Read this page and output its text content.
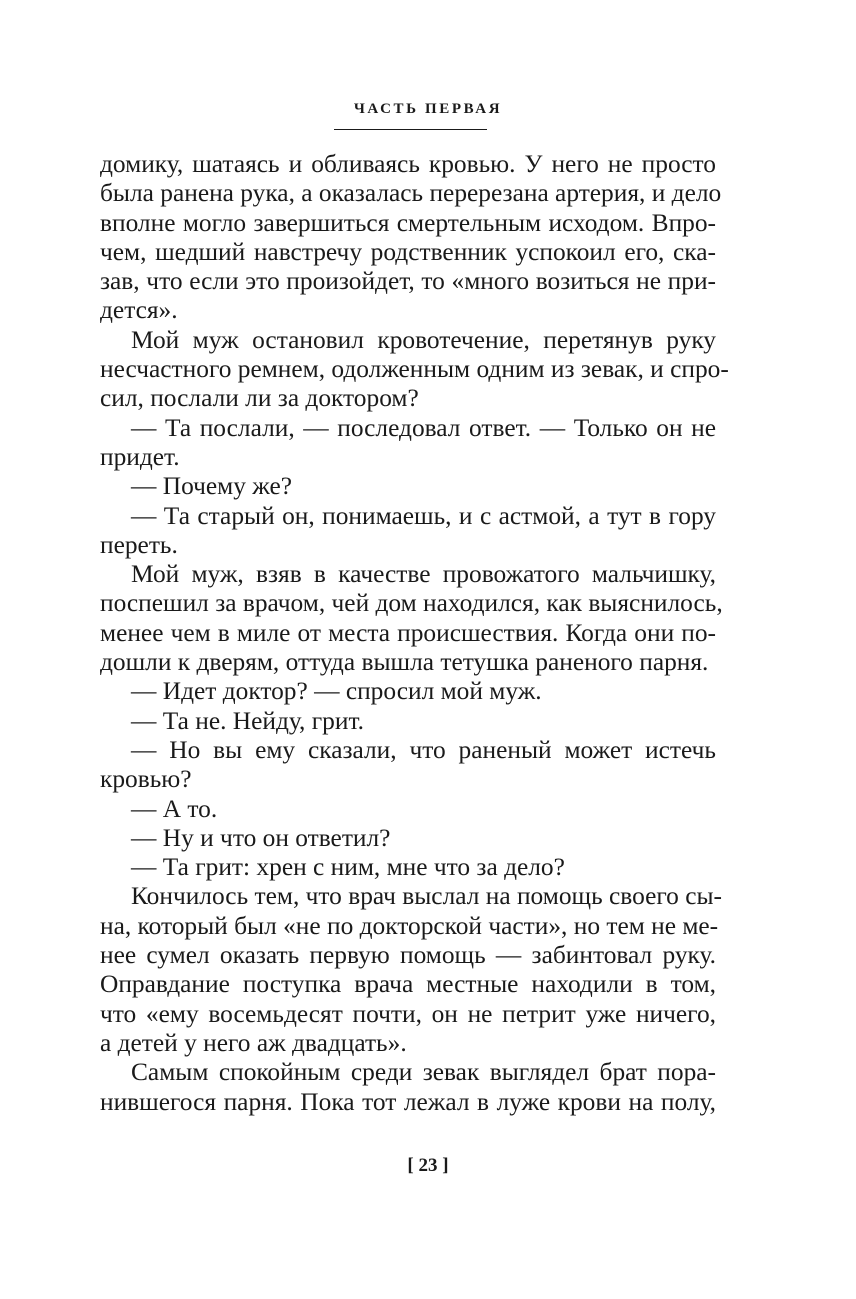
ЧАСТЬ ПЕРВАЯ
домику, шатаясь и обливаясь кровью. У него не просто
была ранена рука, а оказалась перерезана артерия, и дело
вполне могло завершиться смертельным исходом. Впро-
чем, шедший навстречу родственник успокоил его, ска-
зав, что если это произойдет, то «много возиться не при-
дется».
Мой муж остановил кровотечение, перетянув руку
несчастного ремнем, одолженным одним из зевак, и спро-
сил, послали ли за доктором?
— Та послали, — последовал ответ. — Только он не
придет.
— Почему же?
— Та старый он, понимаешь, и с астмой, а тут в гору
переть.
Мой муж, взяв в качестве провожатого мальчишку,
поспешил за врачом, чей дом находился, как выяснилось,
менее чем в миле от места происшествия. Когда они по-
дошли к дверям, оттуда вышла тетушка раненого парня.
— Идет доктор? — спросил мой муж.
— Та не. Нейду, грит.
— Но вы ему сказали, что раненый может истечь
кровью?
— А то.
— Ну и что он ответил?
— Та грит: хрен с ним, мне что за дело?
Кончилось тем, что врач выслал на помощь своего сы-
на, который был «не по докторской части», но тем не ме-
нее сумел оказать первую помощь — забинтовал руку.
Оправдание поступка врача местные находили в том,
что «ему восемьдесят почти, он не петрит уже ничего,
а детей у него аж двадцать».
Самым спокойным среди зевак выглядел брат пора-
нившегося парня. Пока тот лежал в луже крови на полу,
[ 23 ]
